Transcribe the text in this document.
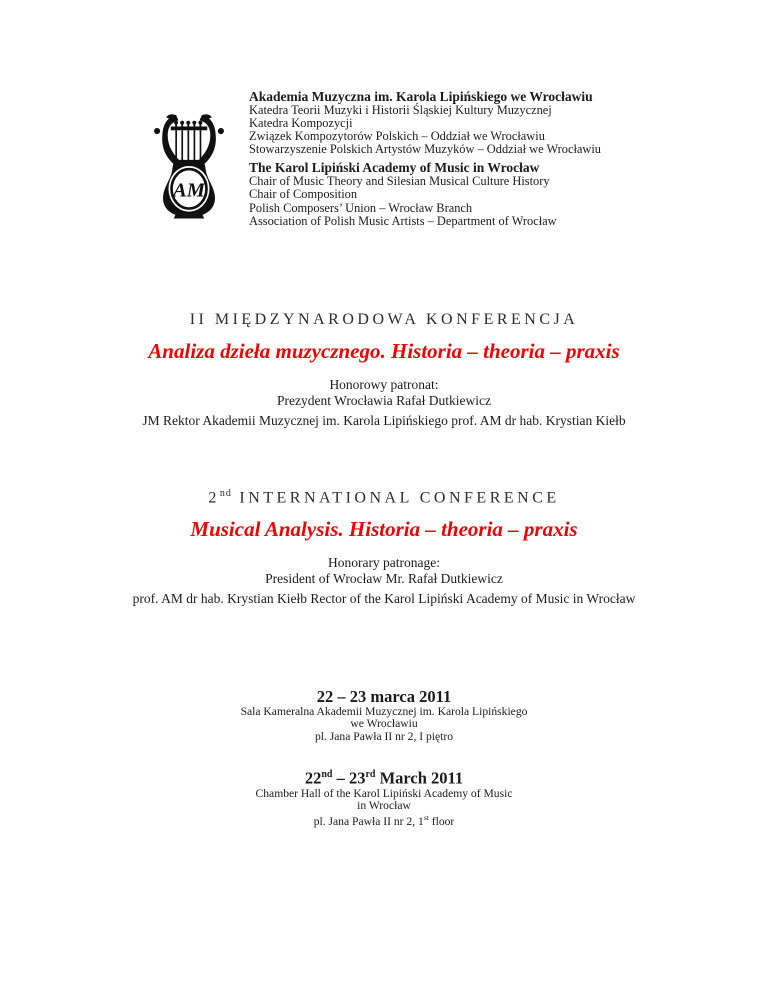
AM
Akademia Muzyczna im. Karola Lipińskiego we Wrocławiu
Katedra Teorii Muzyki i Historii Śląskiej Kultury Muzycznej
Katedra Kompozycji
Związek Kompozytorów Polskich – Oddział we Wrocławiu
Stowarzyszenie Polskich Artystów Muzyków – Oddział we Wrocławiu
The Karol Lipiński Academy of Music in Wrocław
Chair of Music Theory and Silesian Musical Culture History
Chair of Composition
Polish Composers’ Union – Wrocław Branch
Association of Polish Music Artists – Department of Wrocław
II MIĘDZYNARODOWA KONFERENCJA
Analiza dzieła muzycznego. Historia – theoria – praxis
Honorowy patronat:
Prezydent Wrocławia Rafał Dutkiewicz
JM Rektor Akademii Muzycznej im. Karola Lipińskiego prof. AM dr hab. Krystian Kiełb
2nd INTERNATIONAL CONFERENCE
Musical Analysis. Historia – theoria – praxis
Honorary patronage:
President of Wrocław Mr. Rafał Dutkiewicz
prof. AM dr hab. Krystian Kiełb Rector of the Karol Lipiński Academy of Music in Wrocław
22 – 23 marca 2011
Sala Kameralna Akademii Muzycznej im. Karola Lipińskiego
we Wrocławiu
pl. Jana Pawła II nr 2, I piętro
22nd – 23rd March 2011
Chamber Hall of the Karol Lipiński Academy of Music
in Wrocław
pl. Jana Pawła II nr 2, 1st floor
